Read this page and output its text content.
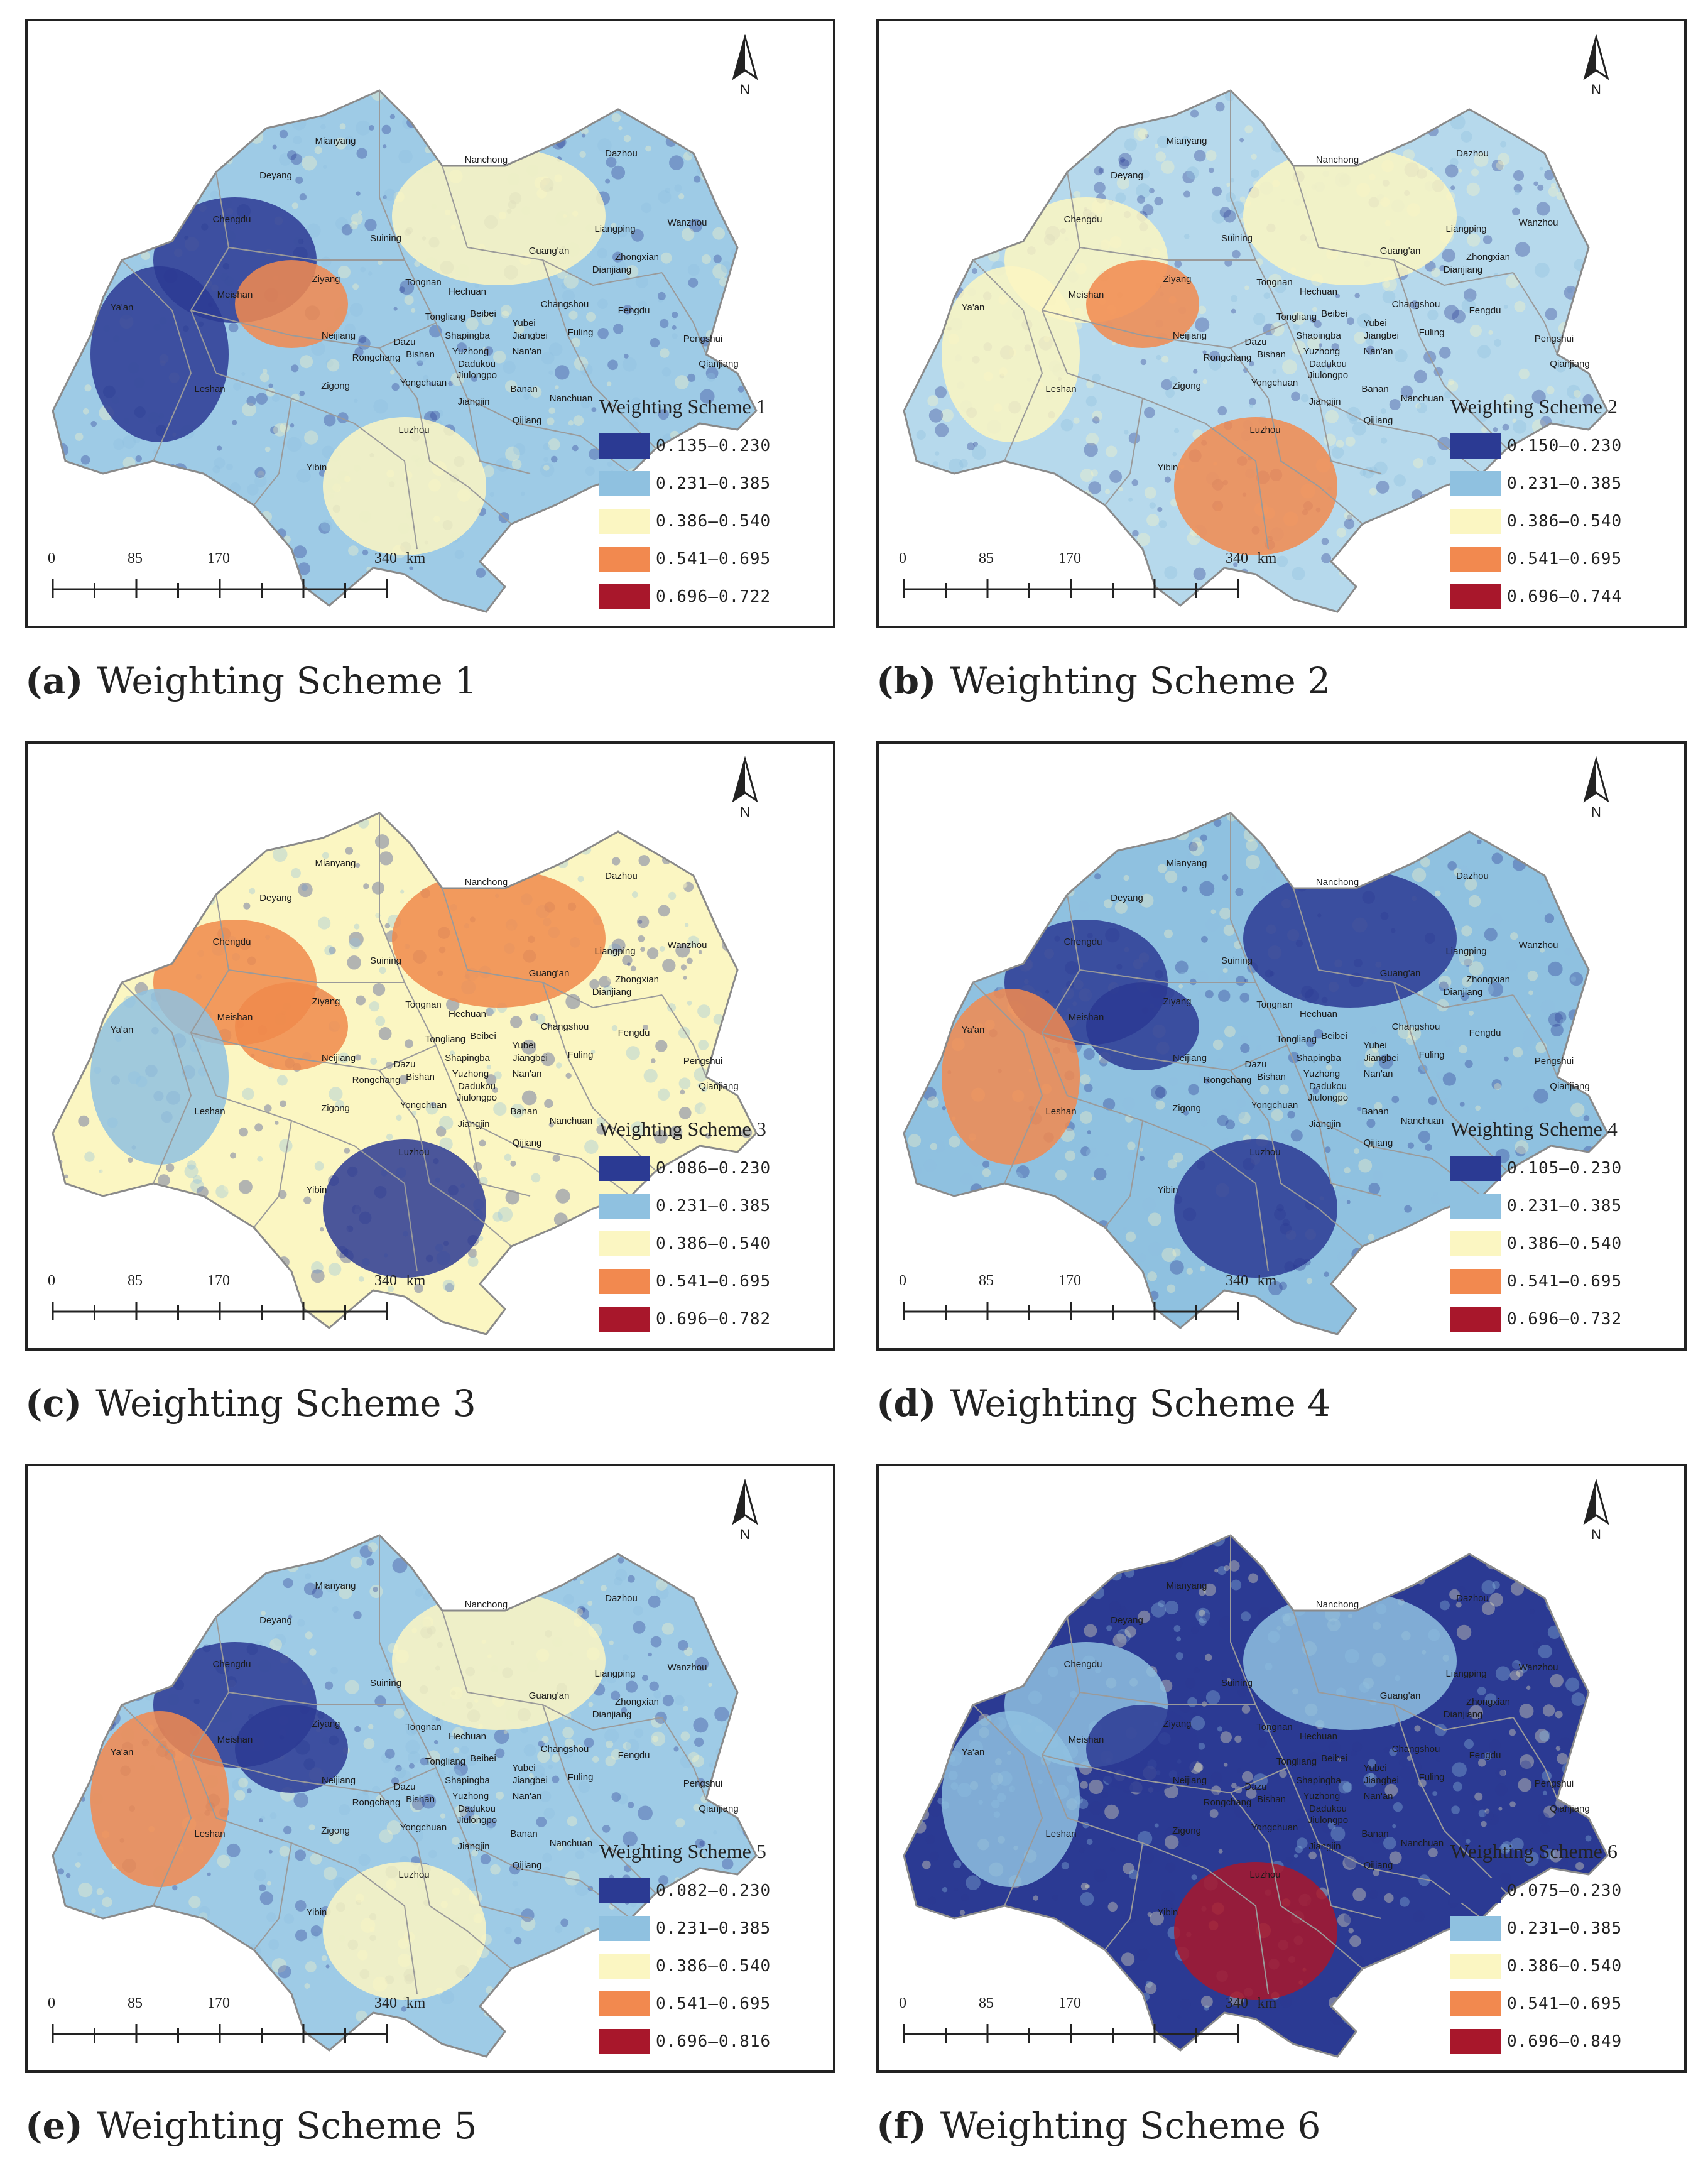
Mianyang
Nanchong
Dazhou
Deyang
Chengdu
Suining
Guang'an
Liangping
Wanzhou
Ziyang	Tongnan
Dianjiang
Zhongxian
Ya'an
Meishan	Hechuan
Changshou
Fengdu
Tongliang Beibei
Yubei
Fuling
Neijiang
Dazu
Shapingba Jiangbei	Pengshui
Rongchang Bishan Yuzhong Nan'an
Dadukou
Jiulongpo
Qianjiang
Leshan	Zigong	Yongchuan
Jiangjin
Banan
Nanchuan
Qijiang
Luzhou
Yibin
N
Weighting Scheme 1
0.135–0.230
0.231–0.385
0.386–0.540
0.541–0.695
0.696–0.722
0	85	170	340 km
(a) Weighting Scheme 1
Mianyang
Nanchong
Dazhou
Deyang
Chengdu
Suining
Guang'an
Liangping
Wanzhou
Ziyang	Tongnan
Dianjiang
Zhongxian
Ya'an
Meishan	Hechuan
Changshou
Fengdu
Tongliang Beibei
Yubei
Fuling
Neijiang
Dazu
Shapingba Jiangbei	Pengshui
Rongchang Bishan Yuzhong Nan'an
Dadukou
Jiulongpo
Qianjiang
Leshan	Zigong	Yongchuan
Jiangjin
Banan
Nanchuan
Qijiang
Luzhou
Yibin
N
Weighting Scheme 2
0.150–0.230
0.231–0.385
0.386–0.540
0.541–0.695
0.696–0.744
0	85	170	340 km
(b) Weighting Scheme 2
Mianyang
Nanchong
Dazhou
Deyang
Chengdu
Suining
Guang'an
Liangping
Wanzhou
Ziyang	Tongnan
Dianjiang
Zhongxian
Ya'an
Meishan	Hechuan
Changshou
Fengdu
Tongliang Beibei
Yubei
Fuling
Neijiang
Dazu
Shapingba Jiangbei	Pengshui
Rongchang Bishan Yuzhong Nan'an
Dadukou
Jiulongpo
Qianjiang
Leshan	Zigong	Yongchuan
Jiangjin
Banan
Nanchuan
Qijiang
Luzhou
Yibin
N
Weighting Scheme 3
0.086–0.230
0.231–0.385
0.386–0.540
0.541–0.695
0.696–0.782
0	85	170	340 km
(c) Weighting Scheme 3
Mianyang
Nanchong
Dazhou
Deyang
Chengdu
Suining
Guang'an
Liangping
Wanzhou
Ziyang	Tongnan
Dianjiang
Zhongxian
Ya'an
Meishan	Hechuan
Changshou
Fengdu
Tongliang Beibei
Yubei
Fuling
Neijiang
Dazu
Shapingba Jiangbei	Pengshui
Rongchang Bishan Yuzhong Nan'an
Dadukou
Jiulongpo
Qianjiang
Leshan	Zigong	Yongchuan
Jiangjin
Banan
Nanchuan
Qijiang
Luzhou
Yibin
N
Weighting Scheme 4
0.105–0.230
0.231–0.385
0.386–0.540
0.541–0.695
0.696–0.732
0	85	170	340 km
(d) Weighting Scheme 4
Mianyang
Nanchong
Dazhou
Deyang
Chengdu
Suining
Guang'an
Liangping
Wanzhou
Ziyang	Tongnan
Dianjiang
Zhongxian
Ya'an
Meishan	Hechuan
Changshou
Fengdu
Tongliang Beibei
Yubei
Fuling
Neijiang
Dazu
Shapingba Jiangbei	Pengshui
Rongchang Bishan Yuzhong Nan'an
Dadukou
Jiulongpo
Qianjiang
Leshan	Zigong	Yongchuan
Jiangjin
Banan
Nanchuan
Qijiang
Luzhou
Yibin
N
Weighting Scheme 5
0.082–0.230
0.231–0.385
0.386–0.540
0.541–0.695
0.696–0.816
0	85	170	340 km
(e) Weighting Scheme 5
Mianyang
Nanchong
Dazhou
Deyang
Chengdu
Suining
Guang'an
Liangping
Wanzhou
Ziyang	Tongnan
Dianjiang
Zhongxian
Ya'an
Meishan	Hechuan
Changshou
Fengdu
Tongliang Beibei
Yubei
Fuling
Neijiang
Dazu
Shapingba Jiangbei	Pengshui
Rongchang Bishan Yuzhong Nan'an
Dadukou
Jiulongpo
Qianjiang
Leshan	Zigong	Yongchuan
Jiangjin
Banan
Nanchuan
Qijiang
Luzhou
Yibin
N
Weighting Scheme 6
0.075–0.230
0.231–0.385
0.386–0.540
0.541–0.695
0.696–0.849
0	85	170	340 km
(f) Weighting Scheme 6
